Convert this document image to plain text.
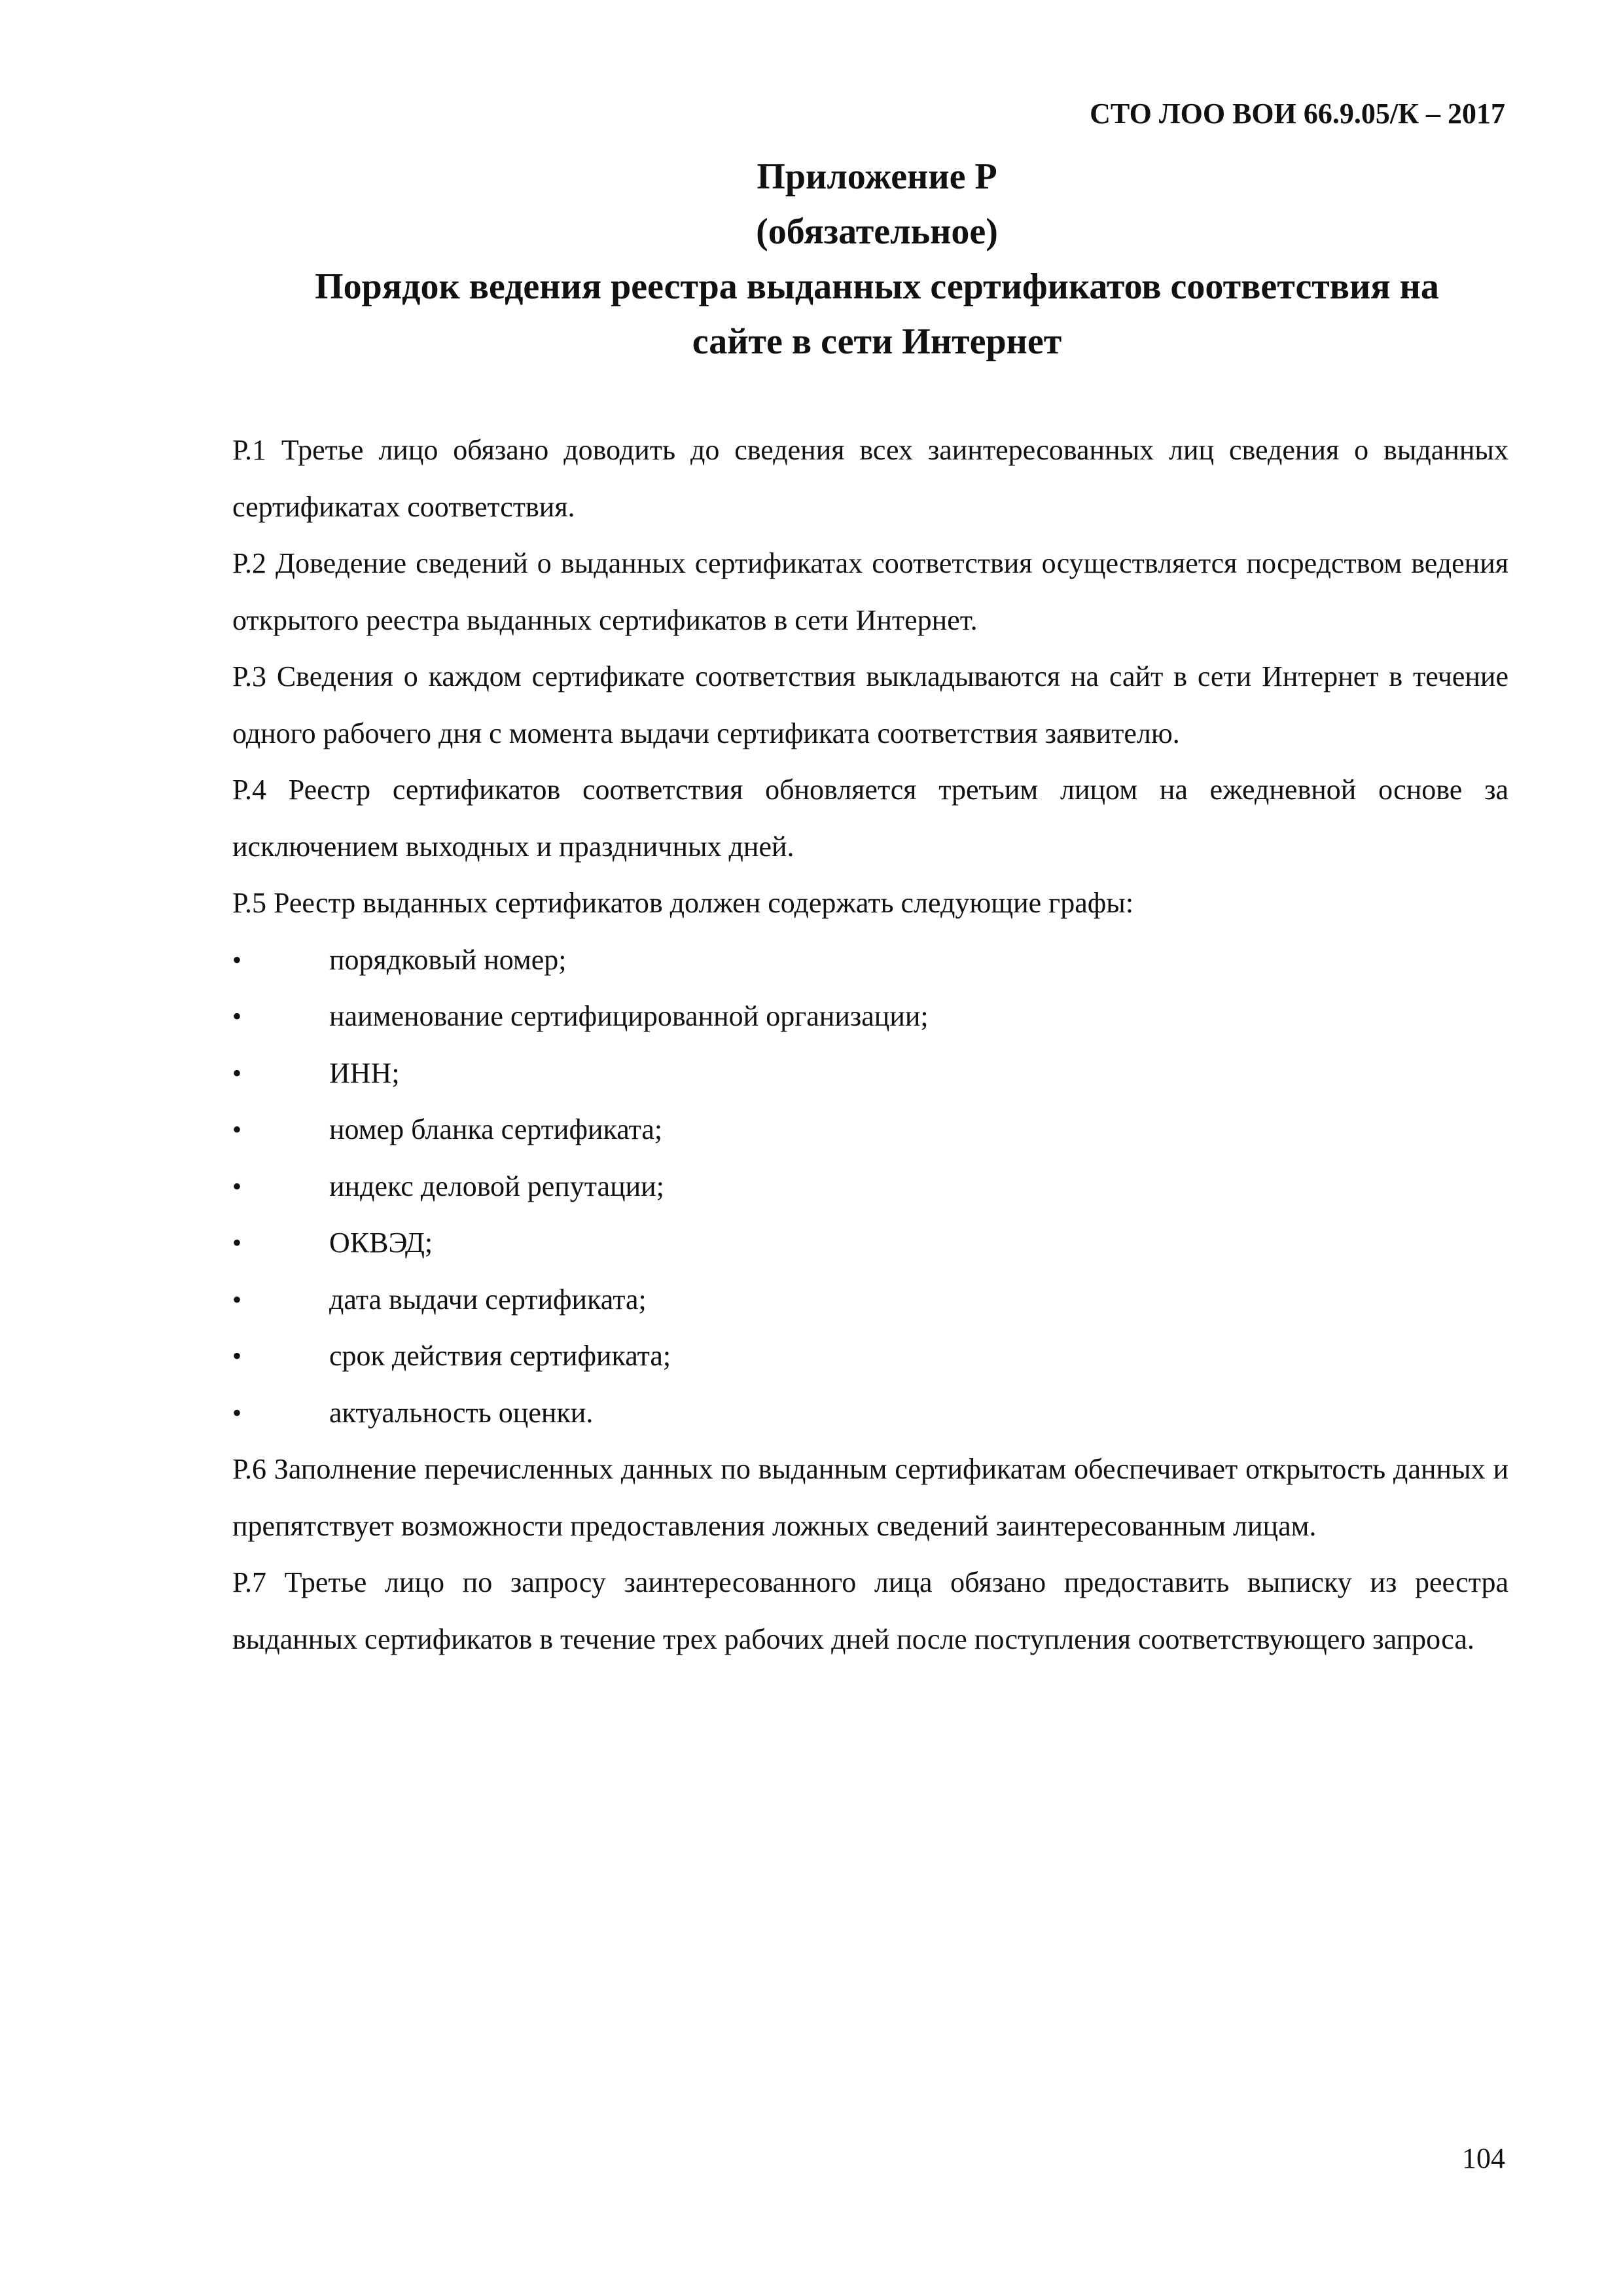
СТО ЛОО ВОИ 66.9.05/К – 2017
Приложение Р
(обязательное)
Порядок ведения реестра выданных сертификатов соответствия на
сайте в сети Интернет

Р.1 Третье лицо обязано доводить до сведения всех заинтересованных лиц сведения о выданных сертификатах соответствия.

Р.2 Доведение сведений о выданных сертификатах соответствия осуществляется посредством ведения открытого реестра выданных сертификатов в сети Интернет.

Р.3 Сведения о каждом сертификате соответствия выкладываются на сайт в сети Интернет в течение одного рабочего дня с момента выдачи сертификата соответствия заявителю.

Р.4 Реестр сертификатов соответствия обновляется третьим лицом на ежедневной основе за исключением выходных и праздничных дней.

Р.5 Реестр выданных сертификатов должен содержать следующие графы:

•	порядковый номер;
•	наименование сертифицированной организации;
•	ИНН;
•	номер бланка сертификата;
•	индекс деловой репутации;
•	ОКВЭД;
•	дата выдачи сертификата;
•	срок действия сертификата;
•	актуальность оценки.

Р.6 Заполнение перечисленных данных по выданным сертификатам обеспечивает открытость данных и препятствует возможности предоставления ложных сведений заинтересованным лицам.

Р.7 Третье лицо по запросу заинтересованного лица обязано предоставить выписку из реестра выданных сертификатов в течение трех рабочих дней после поступления соответствующего запроса.

104
